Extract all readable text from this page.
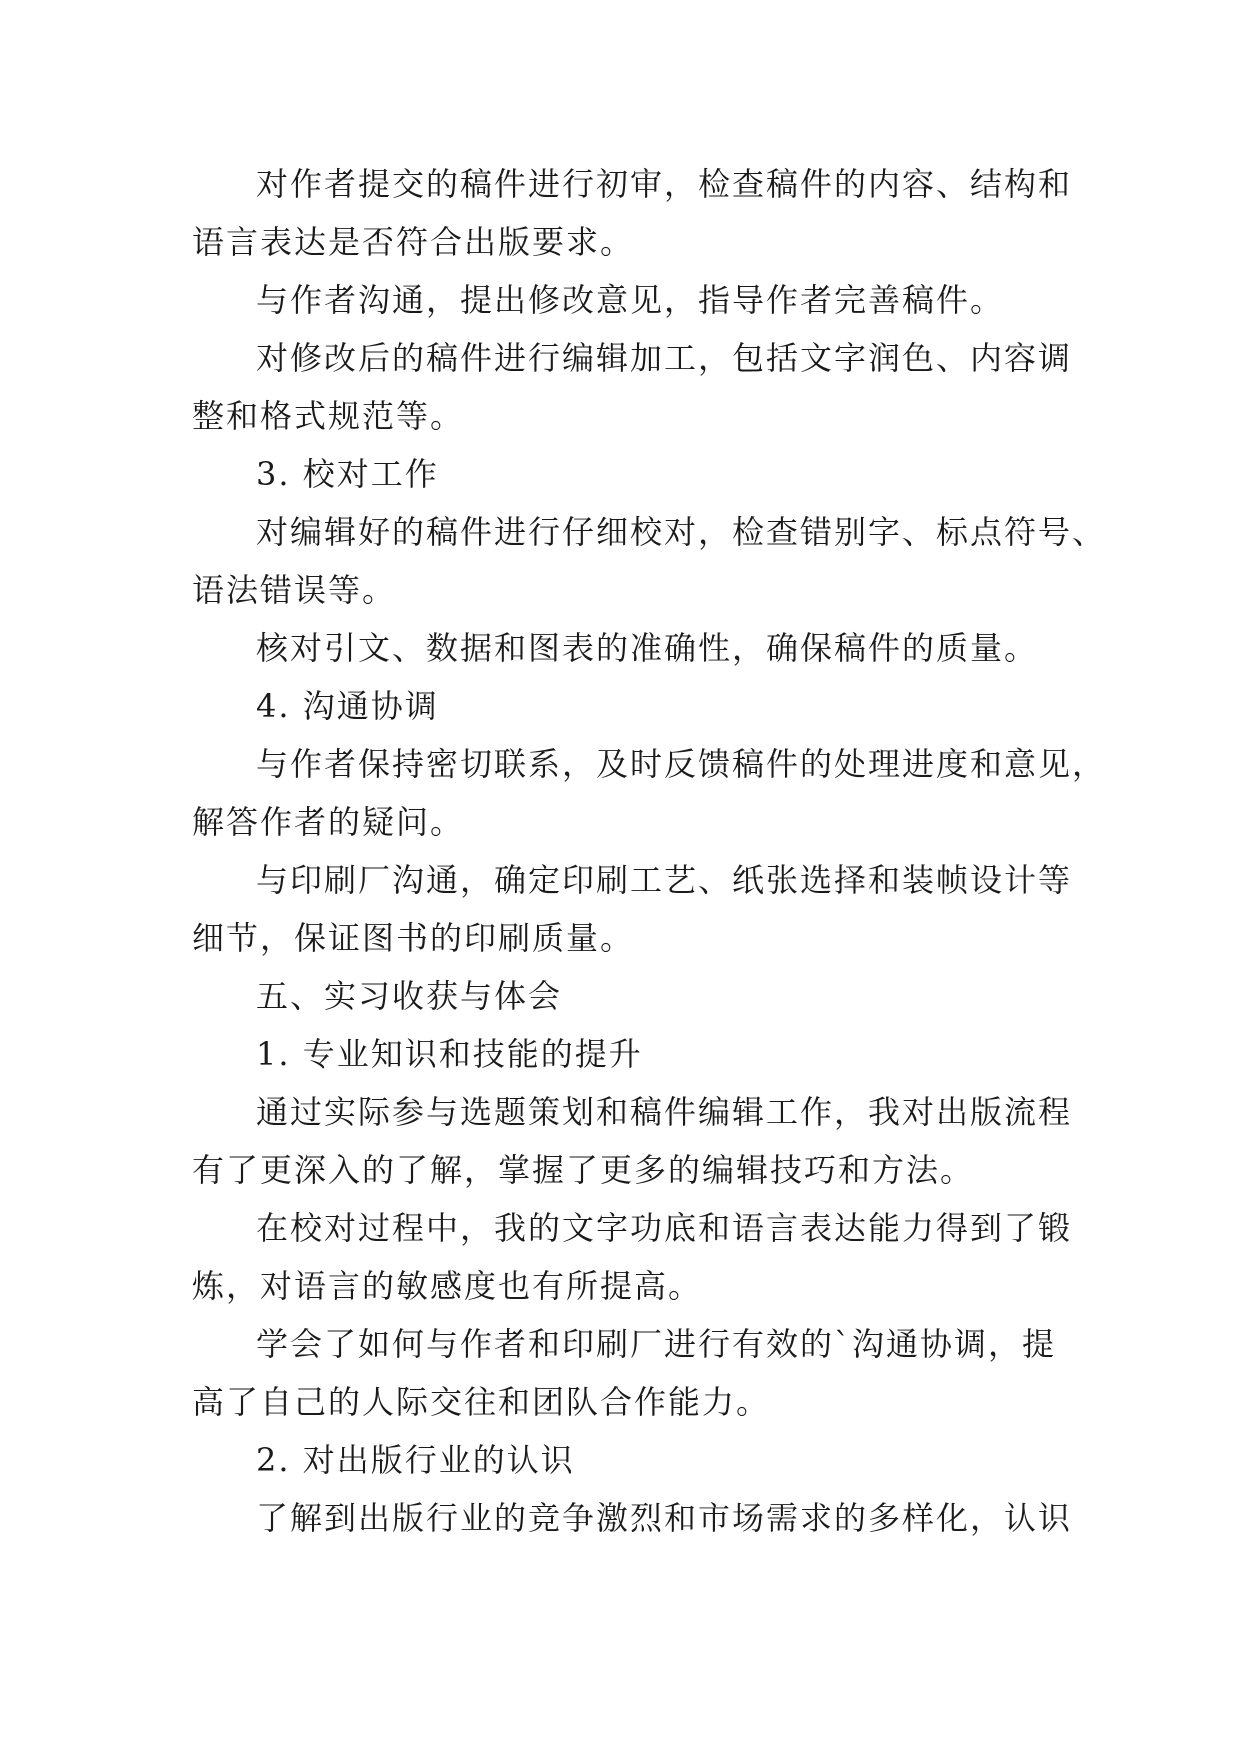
对作者提交的稿件进行初审，检查稿件的内容、结构和
语言表达是否符合出版要求。
与作者沟通，提出修改意见，指导作者完善稿件。
对修改后的稿件进行编辑加工，包括文字润色、内容调
整和格式规范等。
3. 校对工作
对编辑好的稿件进行仔细校对，检查错别字、标点符号、
语法错误等。
核对引文、数据和图表的准确性，确保稿件的质量。
4. 沟通协调
与作者保持密切联系，及时反馈稿件的处理进度和意见，
解答作者的疑问。
与印刷厂沟通，确定印刷工艺、纸张选择和装帧设计等
细节，保证图书的印刷质量。
五、实习收获与体会
1. 专业知识和技能的提升
通过实际参与选题策划和稿件编辑工作，我对出版流程
有了更深入的了解，掌握了更多的编辑技巧和方法。
在校对过程中，我的文字功底和语言表达能力得到了锻
炼，对语言的敏感度也有所提高。
学会了如何与作者和印刷厂进行有效的`沟通协调，提
高了自己的人际交往和团队合作能力。
2. 对出版行业的认识
了解到出版行业的竞争激烈和市场需求的多样化，认识
